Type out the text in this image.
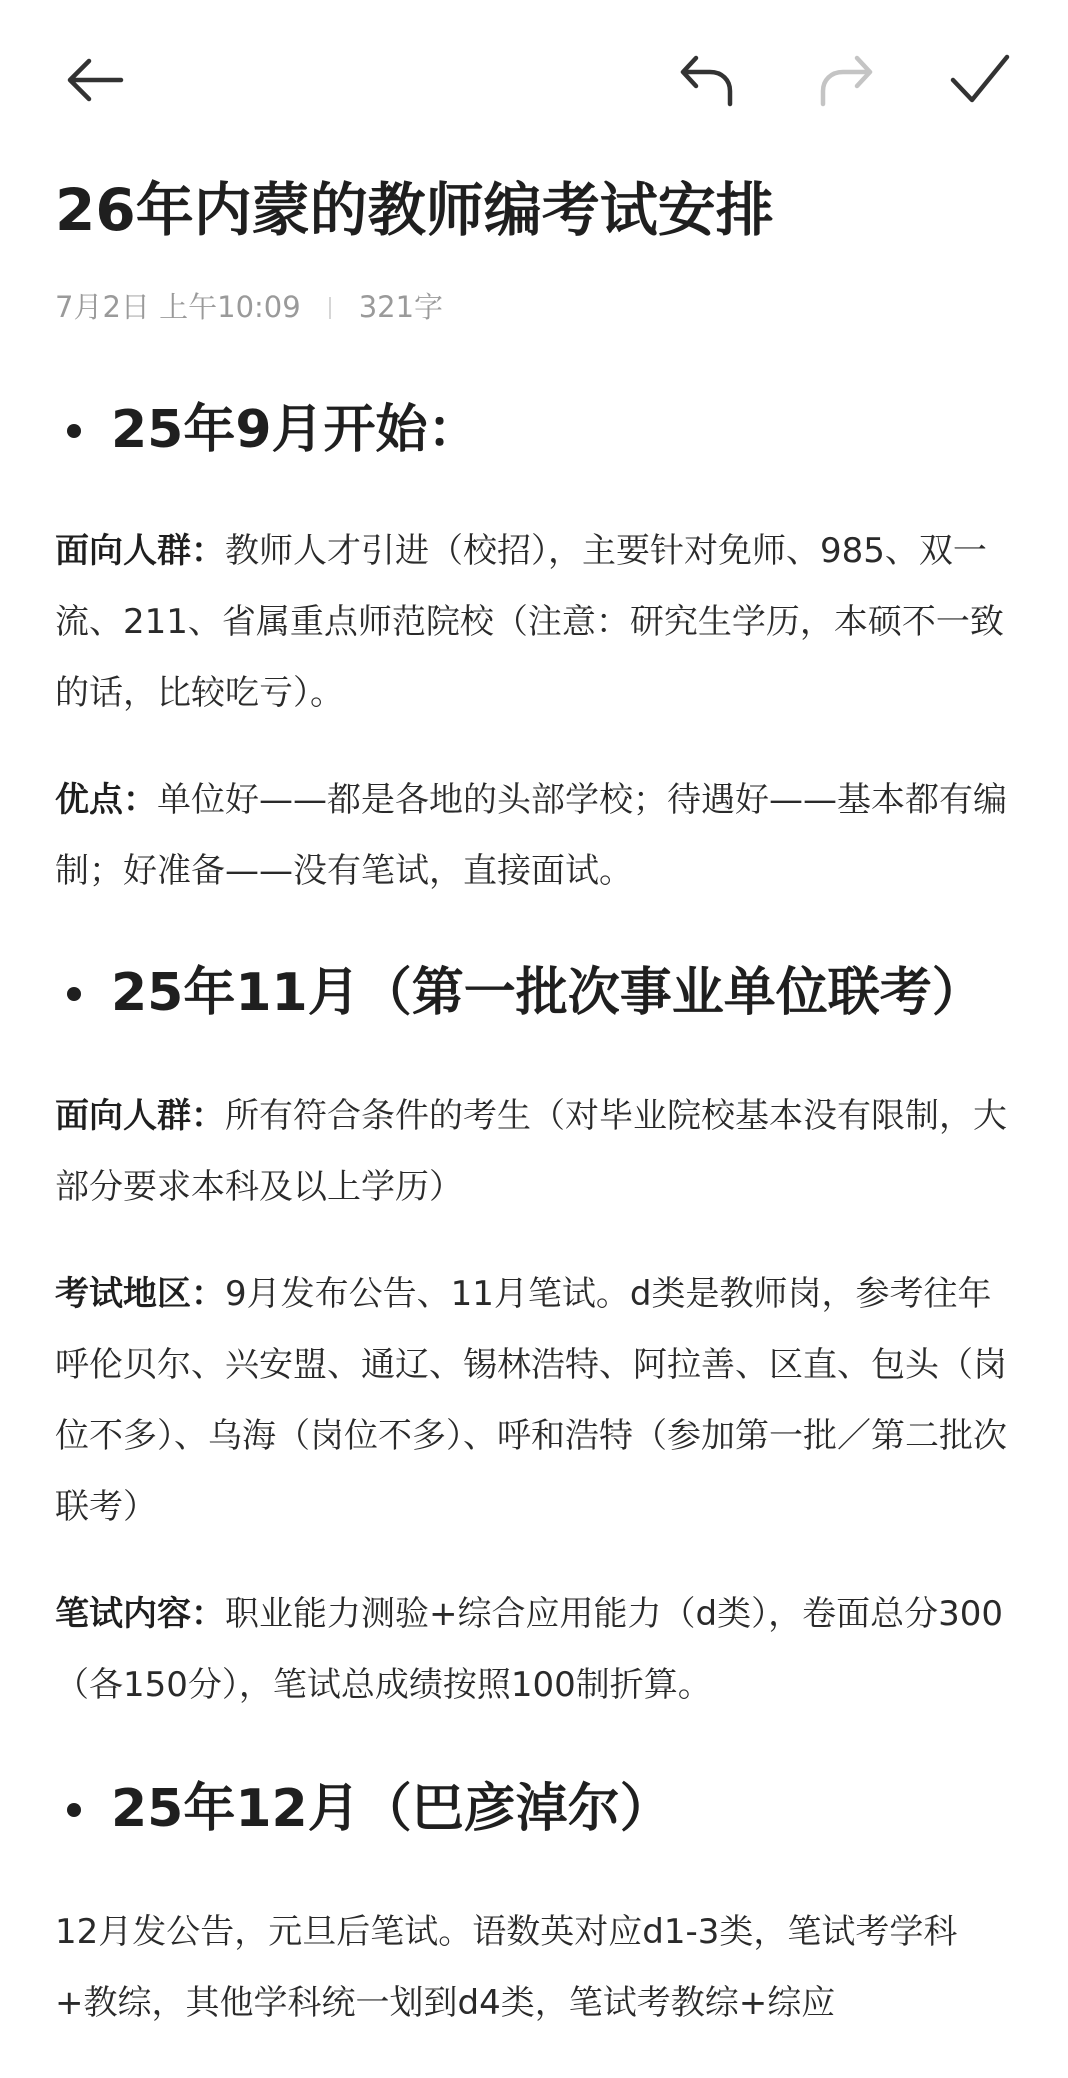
26年内蒙的教师编考试安排
7月2日 上午10:09 321字
25年9月开始：
面向人群：教师人才引进（校招），主要针对免师、985、双一流、211、省属重点师范院校（注意：研究生学历，本硕不一致的话，比较吃亏）。
优点：单位好——都是各地的头部学校；待遇好——基本都有编制；好准备——没有笔试，直接面试。
25年11月（第一批次事业单位联考）
面向人群：所有符合条件的考生（对毕业院校基本没有限制，大部分要求本科及以上学历）
考试地区：9月发布公告、11月笔试。d类是教师岗，参考往年呼伦贝尔、兴安盟、通辽、锡林浩特、阿拉善、区直、包头（岗位不多）、乌海（岗位不多）、呼和浩特（参加第一批／第二批次联考）
笔试内容：职业能力测验+综合应用能力（d类），卷面总分300（各150分），笔试总成绩按照100制折算。
25年12月（巴彦淖尔）
12月发公告，元旦后笔试。语数英对应d1-3类，笔试考学科+教综，其他学科统一划到d4类，笔试考教综+综应
